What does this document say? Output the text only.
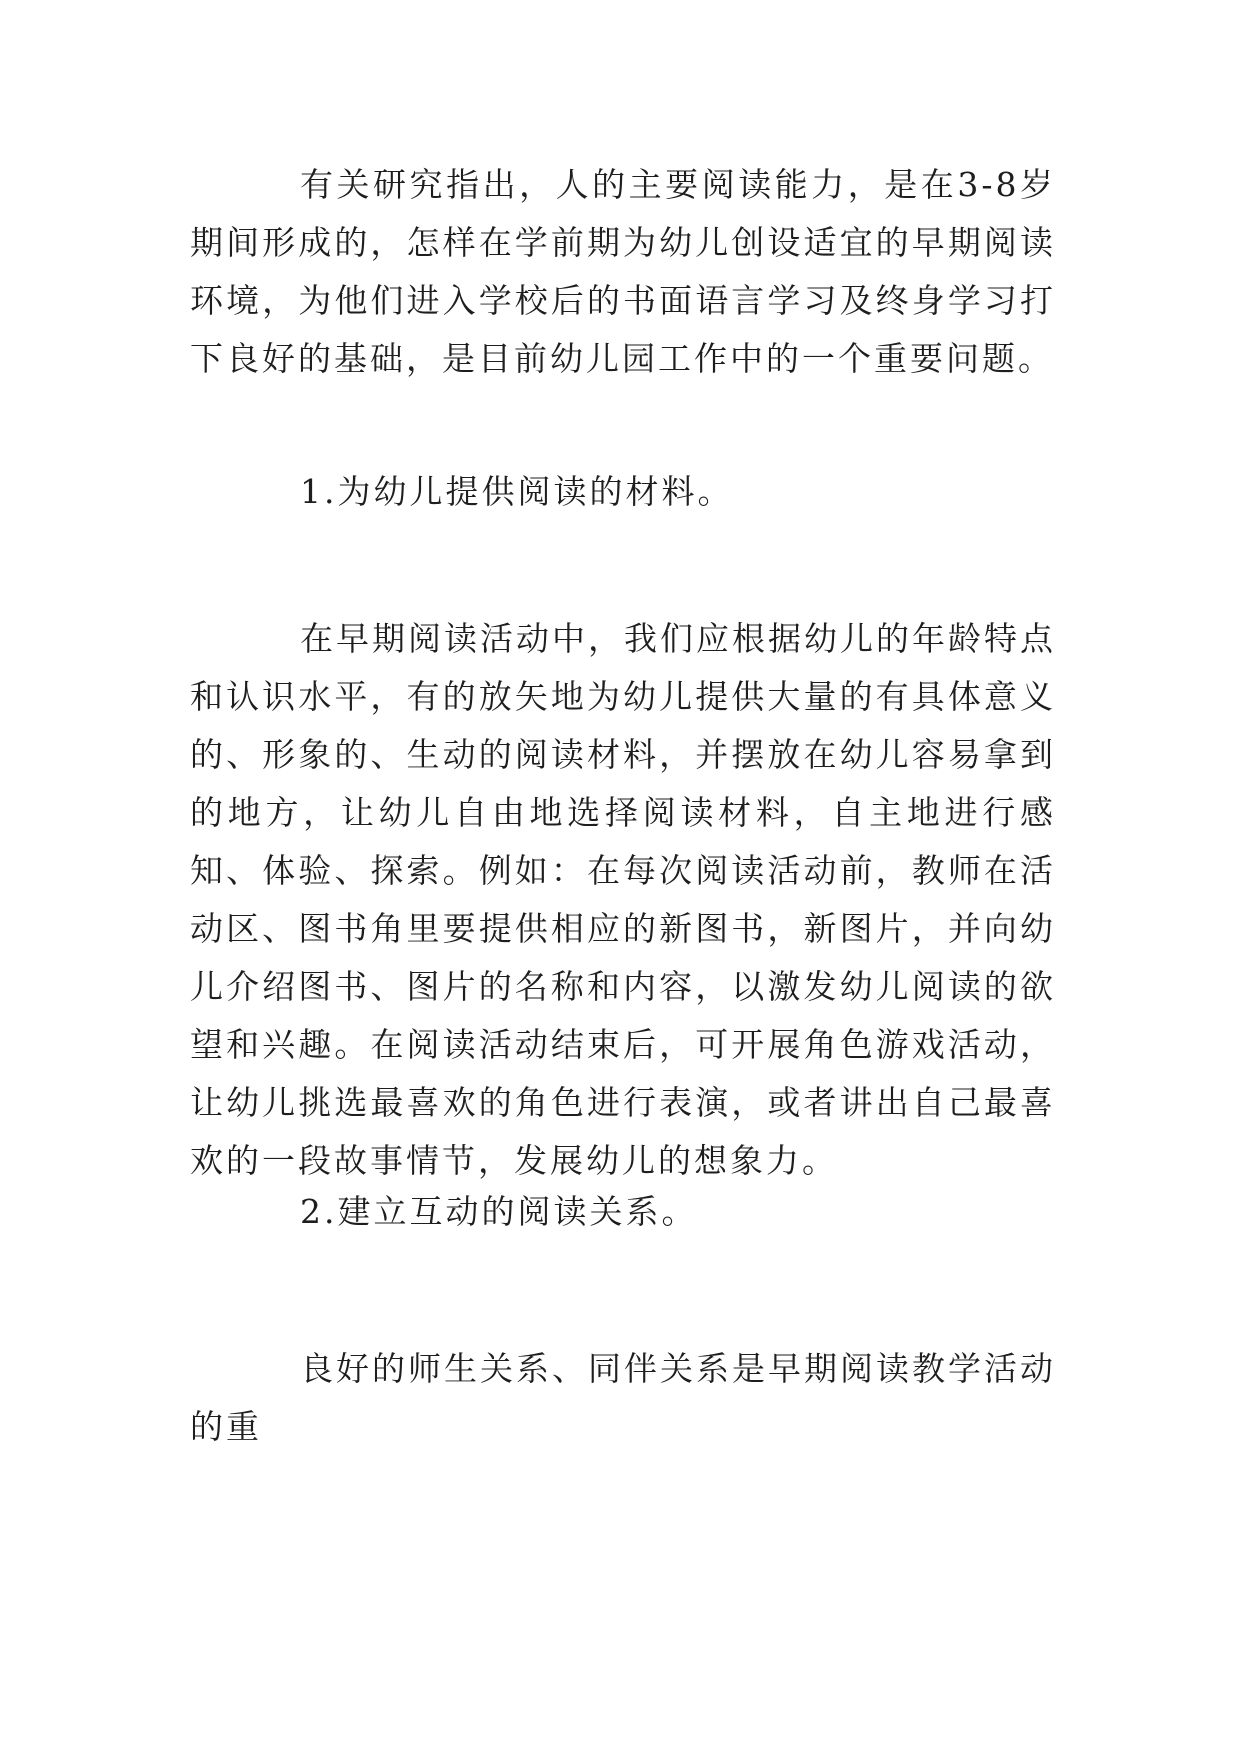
有关研究指出，人的主要阅读能力，是在3-8岁期间形成的，怎样在学前期为幼儿创设适宜的早期阅读环境，为他们进入学校后的书面语言学习及终身学习打下良好的基础，是目前幼儿园工作中的一个重要问题。

1.为幼儿提供阅读的材料。

在早期阅读活动中，我们应根据幼儿的年龄特点和认识水平，有的放矢地为幼儿提供大量的有具体意义的、形象的、生动的阅读材料，并摆放在幼儿容易拿到的地方，让幼儿自由地选择阅读材料，自主地进行感知、体验、探索。例如：在每次阅读活动前，教师在活动区、图书角里要提供相应的新图书，新图片，并向幼儿介绍图书、图片的名称和内容，以激发幼儿阅读的欲望和兴趣。在阅读活动结束后，可开展角色游戏活动，让幼儿挑选最喜欢的角色进行表演，或者讲出自己最喜欢的一段故事情节，发展幼儿的想象力。

2.建立互动的阅读关系。

良好的师生关系、同伴关系是早期阅读教学活动的重
